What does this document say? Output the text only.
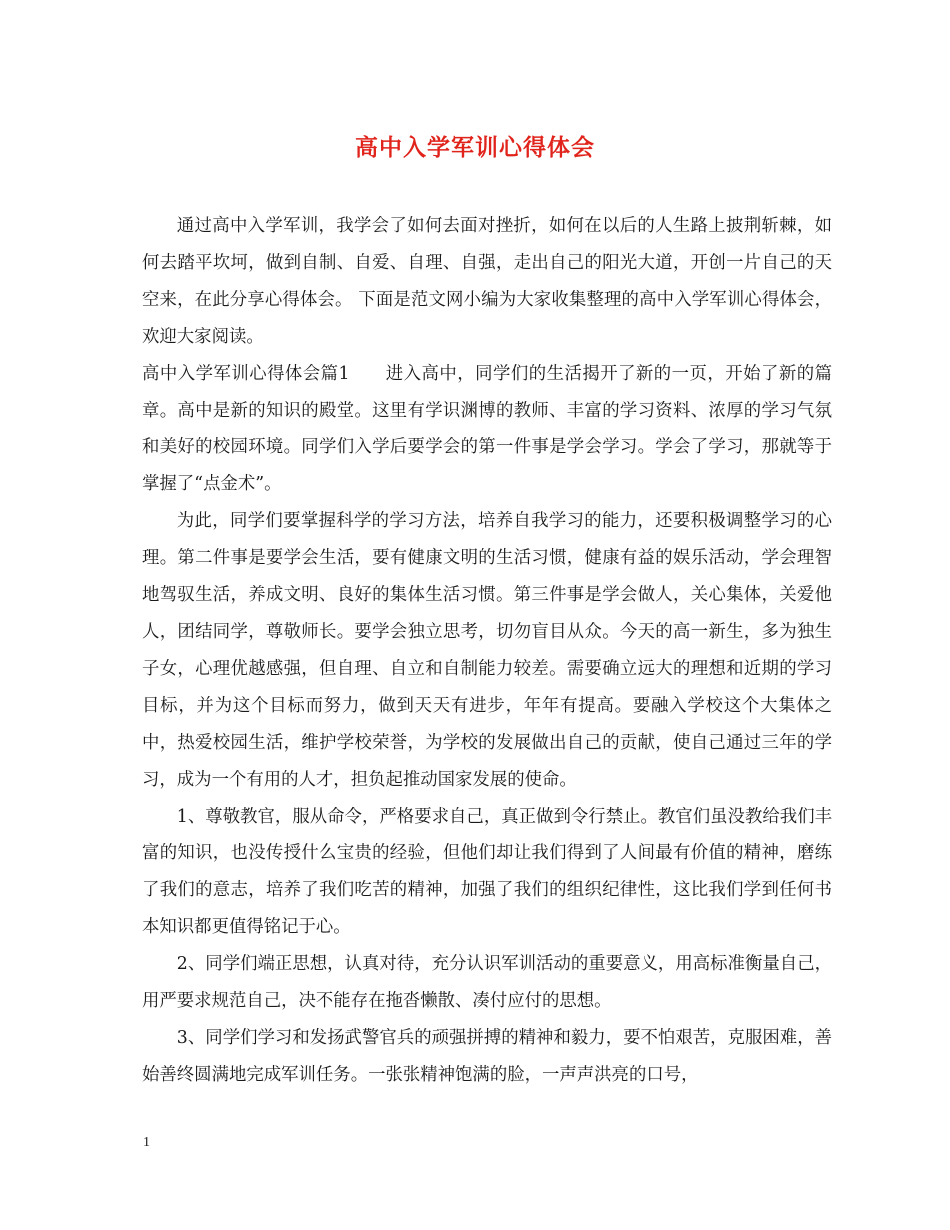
高中入学军训心得体会

通过高中入学军训，我学会了如何去面对挫折，如何在以后的人生路上披荆斩棘，如何去踏平坎坷，做到自制、自爱、自理、自强，走出自己的阳光大道，开创一片自己的天空来，在此分享心得体会。 下面是范文网小编为大家收集整理的高中入学军训心得体会，欢迎大家阅读。

高中入学军训心得体会篇1　　进入高中，同学们的生活揭开了新的一页，开始了新的篇章。高中是新的知识的殿堂。这里有学识渊博的教师、丰富的学习资料、浓厚的学习气氛和美好的校园环境。同学们入学后要学会的第一件事是学会学习。学会了学习，那就等于掌握了“点金术”。

为此，同学们要掌握科学的学习方法，培养自我学习的能力，还要积极调整学习的心理。第二件事是要学会生活，要有健康文明的生活习惯，健康有益的娱乐活动，学会理智地驾驭生活，养成文明、良好的集体生活习惯。第三件事是学会做人，关心集体，关爱他人，团结同学，尊敬师长。要学会独立思考，切勿盲目从众。今天的高一新生，多为独生子女，心理优越感强，但自理、自立和自制能力较差。需要确立远大的理想和近期的学习目标，并为这个目标而努力，做到天天有进步，年年有提高。要融入学校这个大集体之中，热爱校园生活，维护学校荣誉，为学校的发展做出自己的贡献，使自己通过三年的学习，成为一个有用的人才，担负起推动国家发展的使命。

1、尊敬教官，服从命令，严格要求自己，真正做到令行禁止。教官们虽没教给我们丰富的知识，也没传授什么宝贵的经验，但他们却让我们得到了人间最有价值的精神，磨练了我们的意志，培养了我们吃苦的精神，加强了我们的组织纪律性，这比我们学到任何书本知识都更值得铭记于心。

2、同学们端正思想，认真对待，充分认识军训活动的重要意义，用高标准衡量自己，用严要求规范自己，决不能存在拖沓懒散、凑付应付的思想。

3、同学们学习和发扬武警官兵的顽强拼搏的精神和毅力，要不怕艰苦，克服困难，善始善终圆满地完成军训任务。一张张精神饱满的脸，一声声洪亮的口号，

1
